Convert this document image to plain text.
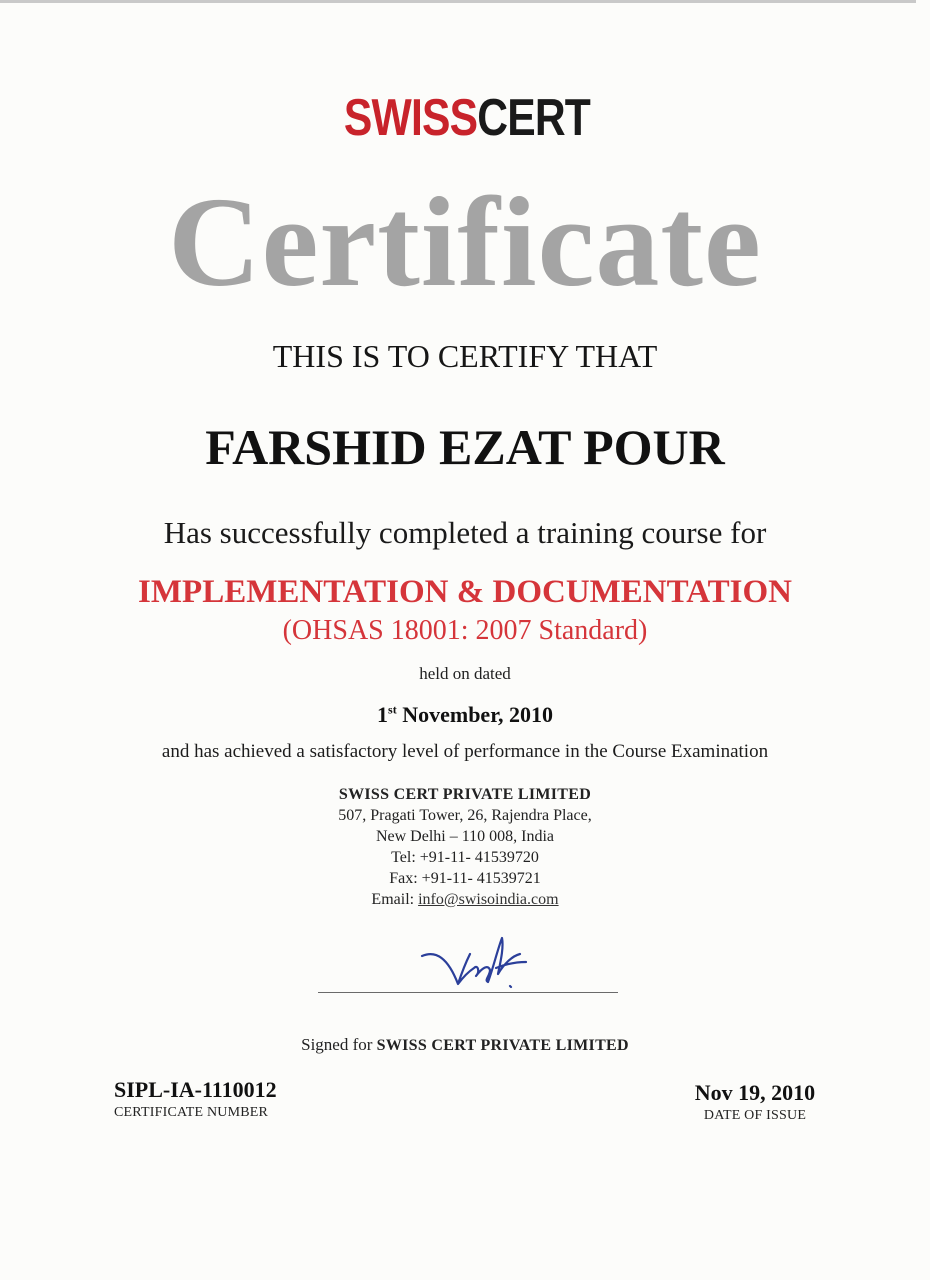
SWISSCERT
Certificate
THIS IS TO CERTIFY THAT
FARSHID EZAT POUR
Has successfully completed a training course for
IMPLEMENTATION & DOCUMENTATION
(OHSAS 18001: 2007 Standard)
held on dated
1st November, 2010
and has achieved a satisfactory level of performance in the Course Examination
SWISS CERT PRIVATE LIMITED
507, Pragati Tower, 26, Rajendra Place,
New Delhi – 110 008, India
Tel: +91-11- 41539720
Fax: +91-11- 41539721
Email: info@swisoindia.com
Signed for SWISS CERT PRIVATE LIMITED
SIPL-IA-1110012
CERTIFICATE NUMBER
Nov 19, 2010
DATE OF ISSUE
